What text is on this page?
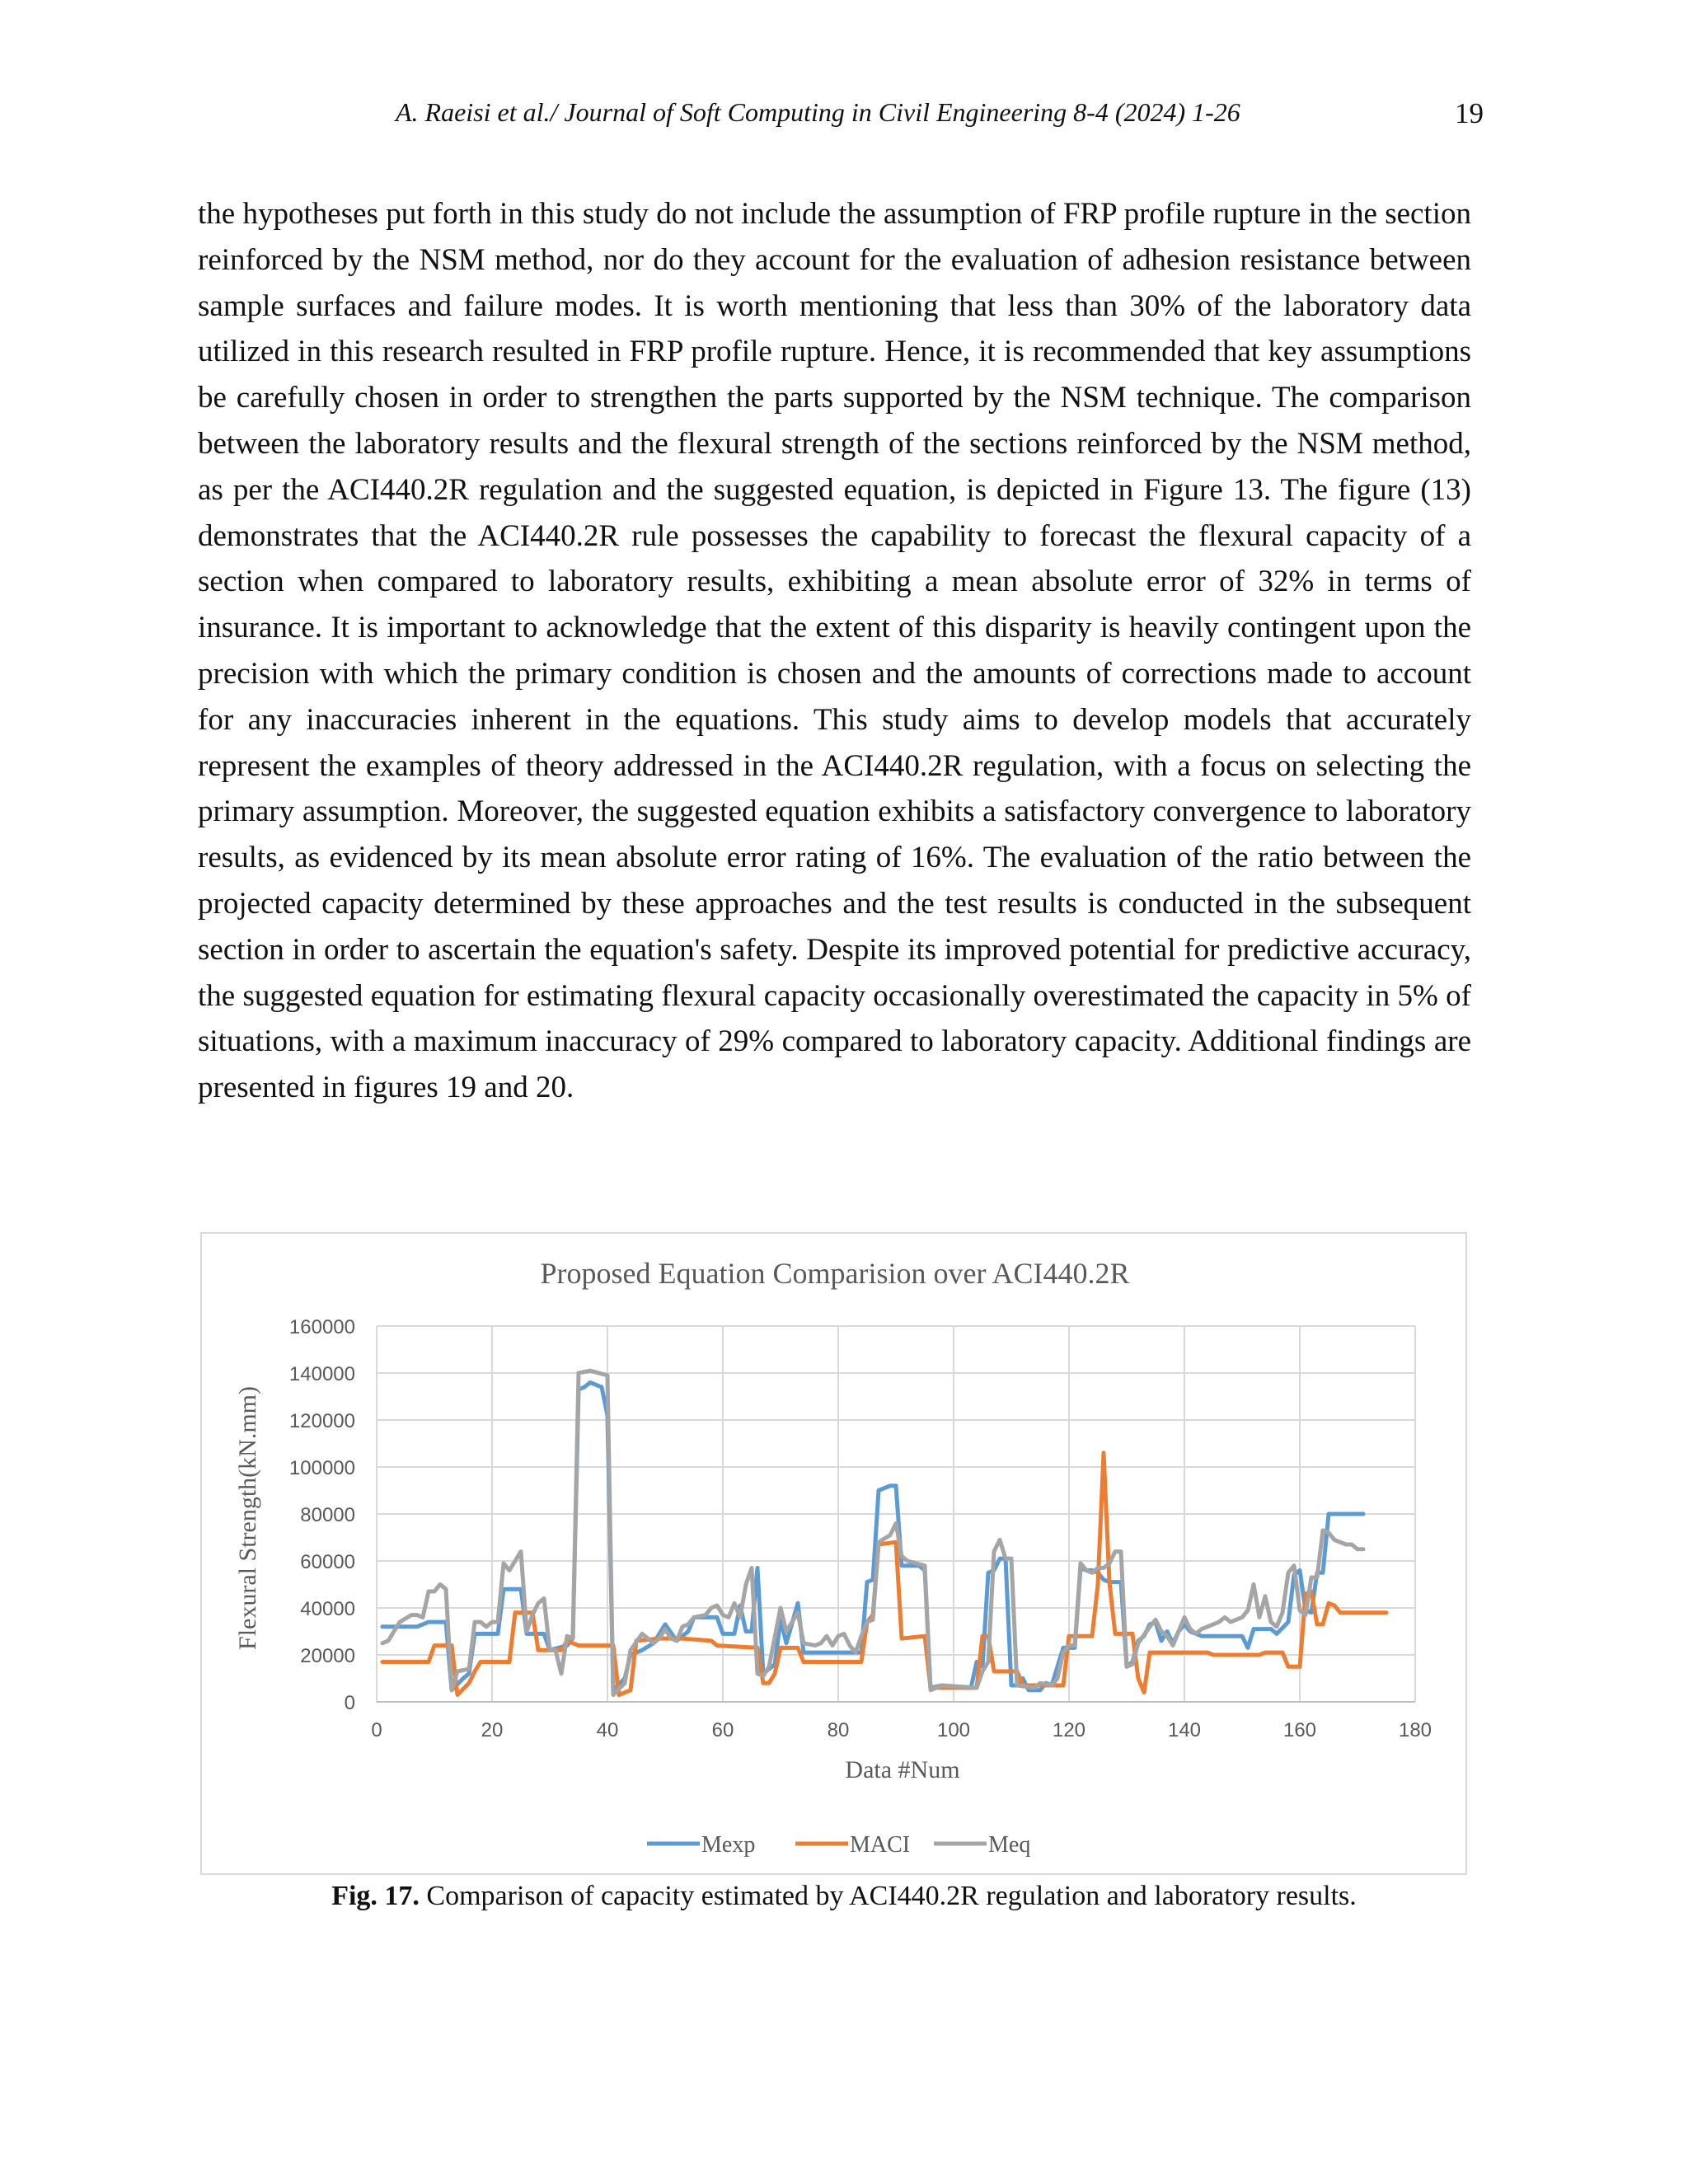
A. Raeisi et al./ Journal of Soft Computing in Civil Engineering 8-4 (2024) 1-26	19

the hypotheses put forth in this study do not include the assumption of FRP profile rupture in the section reinforced by the NSM method, nor do they account for the evaluation of adhesion resistance between sample surfaces and failure modes. It is worth mentioning that less than 30% of the laboratory data utilized in this research resulted in FRP profile rupture. Hence, it is recommended that key assumptions be carefully chosen in order to strengthen the parts supported by the NSM technique. The comparison between the laboratory results and the flexural strength of the sections reinforced by the NSM method, as per the ACI440.2R regulation and the suggested equation, is depicted in Figure 13. The figure (13) demonstrates that the ACI440.2R rule possesses the capability to forecast the flexural capacity of a section when compared to laboratory results, exhibiting a mean absolute error of 32% in terms of insurance. It is important to acknowledge that the extent of this disparity is heavily contingent upon the precision with which the primary condition is chosen and the amounts of corrections made to account for any inaccuracies inherent in the equations. This study aims to develop models that accurately represent the examples of theory addressed in the ACI440.2R regulation, with a focus on selecting the primary assumption. Moreover, the suggested equation exhibits a satisfactory convergence to laboratory results, as evidenced by its mean absolute error rating of 16%. The evaluation of the ratio between the projected capacity determined by these approaches and the test results is conducted in the subsequent section in order to ascertain the equation's safety. Despite its improved potential for predictive accuracy, the suggested equation for estimating flexural capacity occasionally overestimated the capacity in 5% of situations, with a maximum inaccuracy of 29% compared to laboratory capacity. Additional findings are presented in figures 19 and 20.

0
20000
40000
60000
80000
100000
120000
140000
160000
0	20	40	60	80	100	120	140	160	180
Proposed Equation Comparision over ACI440.2R
Flexural Strength(kN.mm)
Data #Num
Mexp	MACI	Meq
Fig. 17. Comparison of capacity estimated by ACI440.2R regulation and laboratory results.
